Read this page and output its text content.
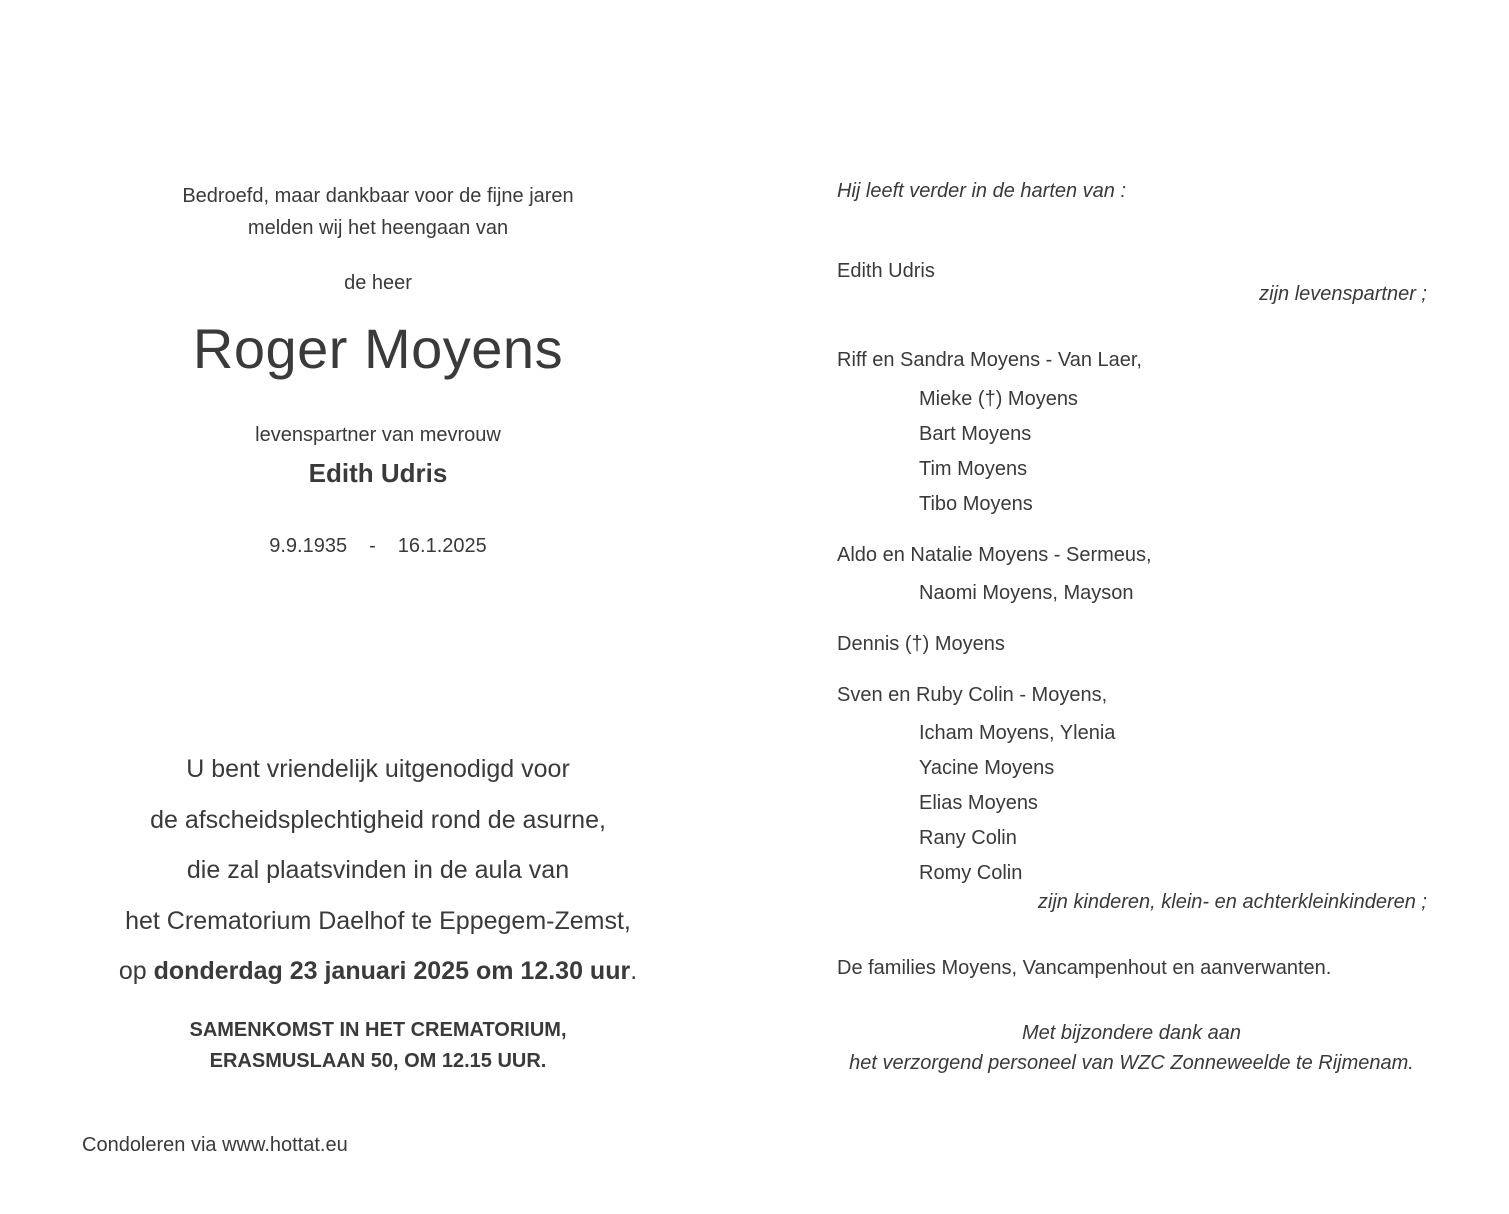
Bedroefd, maar dankbaar voor de fijne jaren
melden wij het heengaan van
de heer
Roger Moyens
levenspartner van mevrouw
Edith Udris
9.9.1935 - 16.1.2025
U bent vriendelijk uitgenodigd voor
de afscheidsplechtigheid rond de asurne,
die zal plaatsvinden in de aula van
het Crematorium Daelhof te Eppegem-Zemst,
op donderdag 23 januari 2025 om 12.30 uur.
SAMENKOMST IN HET CREMATORIUM,
ERASMUSLAAN 50, OM 12.15 UUR.
Condoleren via www.hottat.eu
Hij leeft verder in de harten van :
Edith Udris
zijn levenspartner ;
Riff en Sandra Moyens - Van Laer,
Mieke (†) Moyens
Bart Moyens
Tim Moyens
Tibo Moyens
Aldo en Natalie Moyens - Sermeus,
Naomi Moyens, Mayson
Dennis (†) Moyens
Sven en Ruby Colin - Moyens,
Icham Moyens, Ylenia
Yacine Moyens
Elias Moyens
Rany Colin
Romy Colin
zijn kinderen, klein- en achterkleinkinderen ;
De families Moyens, Vancampenhout en aanverwanten.
Met bijzondere dank aan
het verzorgend personeel van WZC Zonneweelde te Rijmenam.
